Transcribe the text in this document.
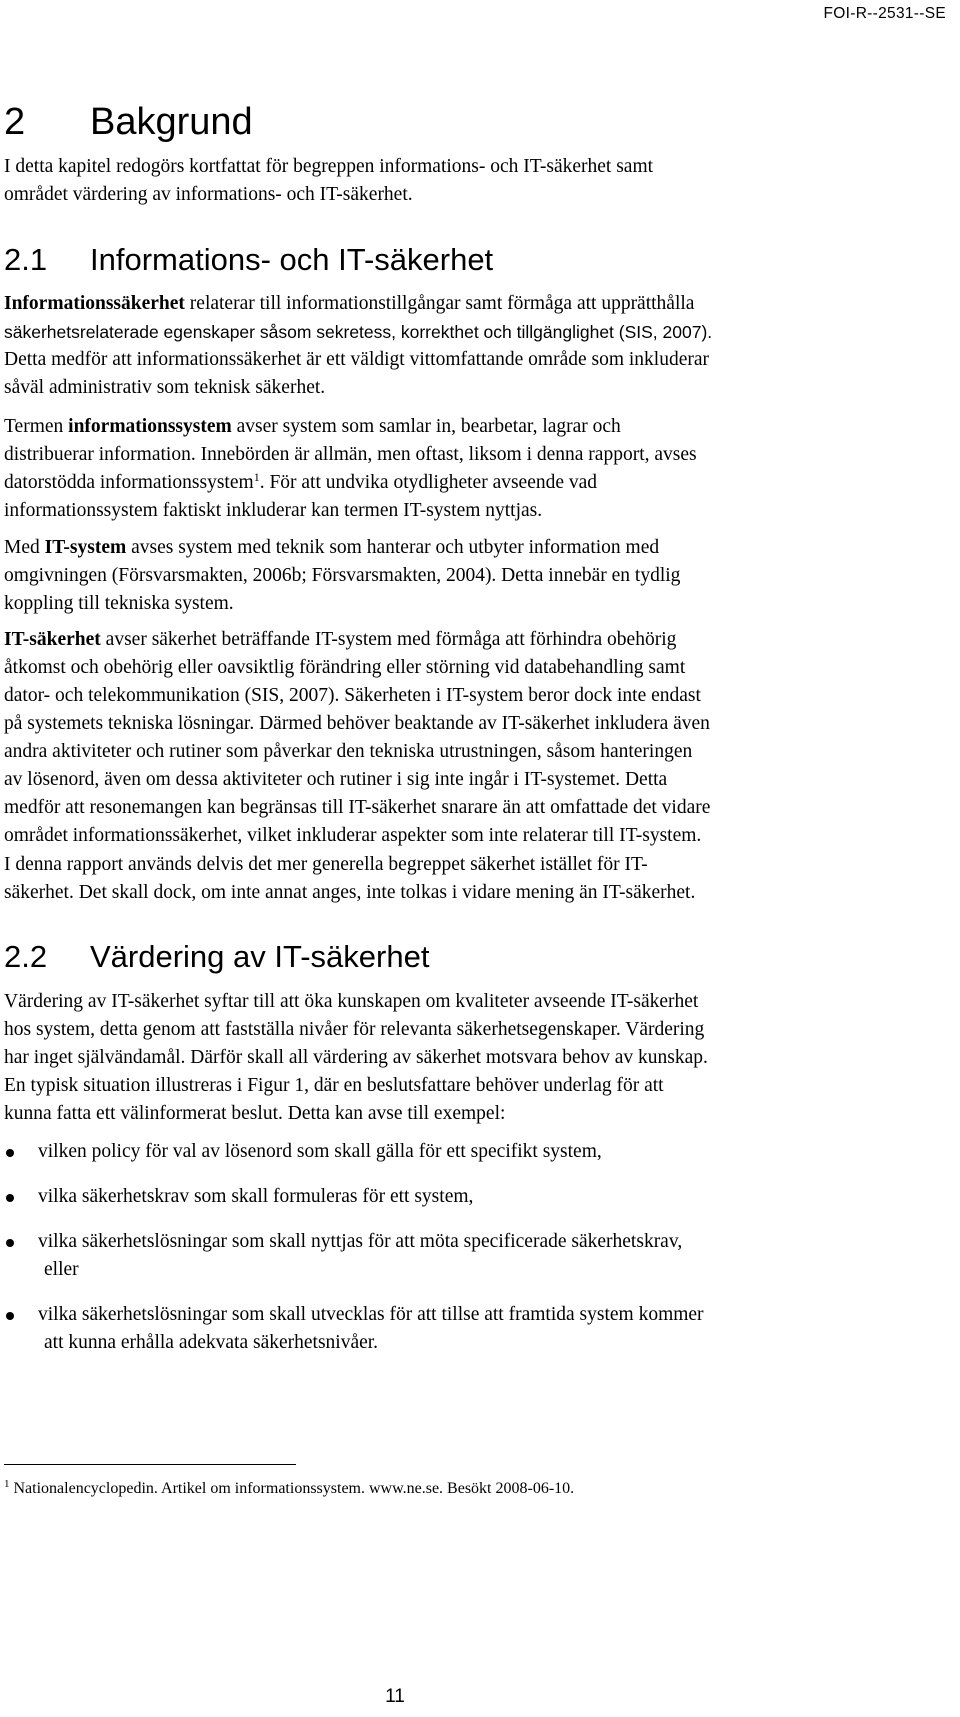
FOI-R--2531--SE
2 Bakgrund
I detta kapitel redogörs kortfattat för begreppen informations- och IT-säkerhet samt
området värdering av informations- och IT-säkerhet.
2.1 Informations- och IT-säkerhet
Informationssäkerhet relaterar till informationstillgångar samt förmåga att upprätthålla
säkerhetsrelaterade egenskaper såsom sekretess, korrekthet och tillgänglighet (SIS, 2007).
Detta medför att informationssäkerhet är ett väldigt vittomfattande område som inkluderar
såväl administrativ som teknisk säkerhet.
Termen informationssystem avser system som samlar in, bearbetar, lagrar och
distribuerar information. Innebörden är allmän, men oftast, liksom i denna rapport, avses
datorstödda informationssystem$^1$. För att undvika otydligheter avseende vad
informationssystem faktiskt inkluderar kan termen IT-system nyttjas.
Med IT-system avses system med teknik som hanterar och utbyter information med
omgivningen (Försvarsmakten, 2006b; Försvarsmakten, 2004). Detta innebär en tydlig
koppling till tekniska system.
IT-säkerhet avser säkerhet beträffande IT-system med förmåga att förhindra obehörig
åtkomst och obehörig eller oavsiktlig förändring eller störning vid databehandling samt
dator- och telekommunikation (SIS, 2007). Säkerheten i IT-system beror dock inte endast
på systemets tekniska lösningar. Därmed behöver beaktande av IT-säkerhet inkludera även
andra aktiviteter och rutiner som påverkar den tekniska utrustningen, såsom hanteringen
av lösenord, även om dessa aktiviteter och rutiner i sig inte ingår i IT-systemet. Detta
medför att resonemangen kan begränsas till IT-säkerhet snarare än att omfattade det vidare
området informationssäkerhet, vilket inkluderar aspekter som inte relaterar till IT-system.
I denna rapport används delvis det mer generella begreppet säkerhet istället för IT-
säkerhet. Det skall dock, om inte annat anges, inte tolkas i vidare mening än IT-säkerhet.
2.2 Värdering av IT-säkerhet
Värdering av IT-säkerhet syftar till att öka kunskapen om kvaliteter avseende IT-säkerhet
hos system, detta genom att fastställa nivåer för relevanta säkerhetsegenskaper. Värdering
har inget självändamål. Därför skall all värdering av säkerhet motsvara behov av kunskap.
En typisk situation illustreras i Figur 1, där en beslutsfattare behöver underlag för att
kunna fatta ett välinformerat beslut. Detta kan avse till exempel:
vilken policy för val av lösenord som skall gälla för ett specifikt system,
vilka säkerhetskrav som skall formuleras för ett system,
vilka säkerhetslösningar som skall nyttjas för att möta specificerade säkerhetskrav,
eller
vilka säkerhetslösningar som skall utvecklas för att tillse att framtida system kommer
att kunna erhålla adekvata säkerhetsnivåer.
$^1$ Nationalencyclopedin. Artikel om informationssystem. www.ne.se. Besökt 2008-06-10.
11
